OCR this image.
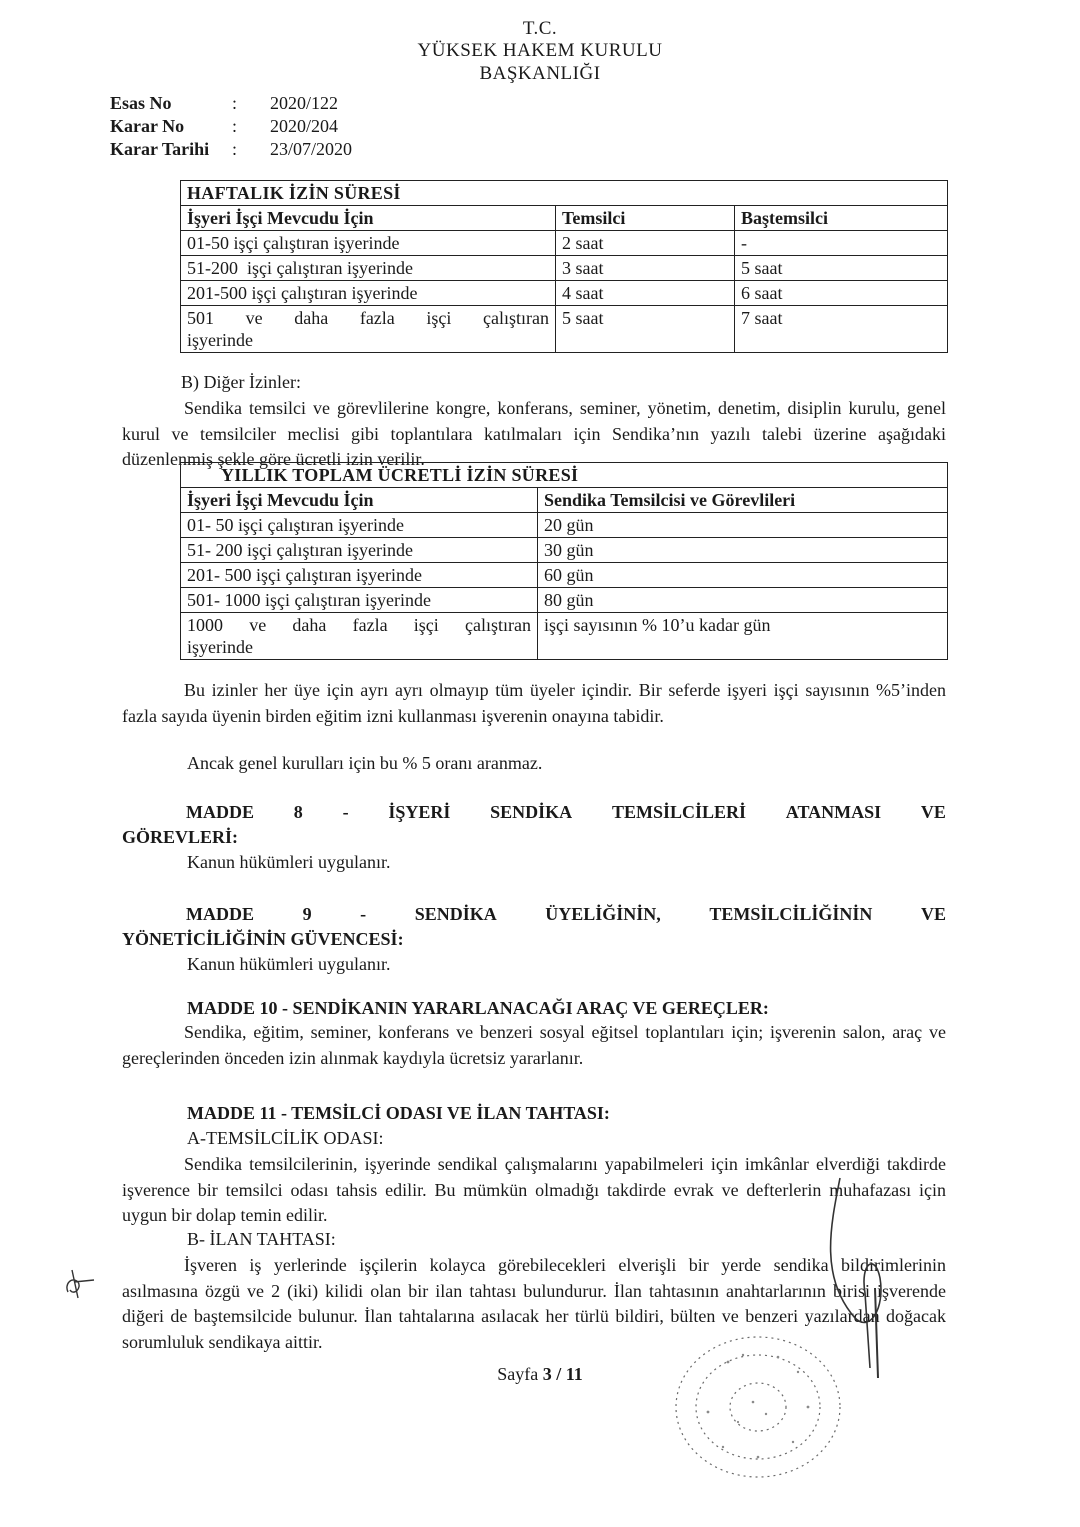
T.C.
YÜKSEK HAKEM KURULU
BAŞKANLIĞI
Esas No	: 2020/122
Karar No	: 2020/204
Karar Tarihi : 23/07/2020
HAFTALIK İZİN SÜRESİ		
İşyeri İşçi Mevcudu İçin	Temsilci	Baştemsilci
01-50 işçi çalıştıran işyerinde	2 saat	-
51-200  işçi çalıştıran işyerinde	3 saat	5 saat
201-500 işçi çalıştıran işyerinde	4 saat	6 saat

501 ve daha fazla işçi çalıştıran
işyerinde	5 saat	7 saat
B) Diğer İzinler:
Sendika temsilci ve görevlilerine kongre, konferans, seminer, yönetim, denetim, disiplin kurulu, genel kurul ve temsilciler meclisi gibi toplantılara katılmaları için Sendika’nın yazılı talebi üzerine aşağıdaki düzenlenmiş şekle göre ücretli izin verilir.
YILLIK TOPLAM ÜCRETLİ İZİN SÜRESİ	
İşyeri İşçi Mevcudu İçin	Sendika Temsilcisi ve Görevlileri
01- 50 işçi çalıştıran işyerinde	20 gün
51- 200 işçi çalıştıran işyerinde	30 gün
201- 500 işçi çalıştıran işyerinde	60 gün
501- 1000 işçi çalıştıran işyerinde	80 gün

1000 ve daha fazla işçi çalıştıran
işyerinde	işçi sayısının % 10’u kadar gün
Bu izinler her üye için ayrı ayrı olmayıp tüm üyeler içindir. Bir seferde işyeri işçi sayısının %5’inden fazla sayıda üyenin birden eğitim izni kullanması işverenin onayına tabidir.
Ancak genel kurulları için bu % 5 oranı aranmaz.
MADDE 8 - İŞYERİ SENDİKA TEMSİLCİLERİ ATANMASI VE
GÖREVLERİ:
Kanun hükümleri uygulanır.
MADDE	9	-	SENDİKA	ÜYELİĞİNİN,	TEMSİLCİLİĞİNİN	VE
YÖNETİCİLİĞİNİN GÜVENCESİ:
Kanun hükümleri uygulanır.
MADDE 10 - SENDİKANIN YARARLANACAĞI ARAÇ VE GEREÇLER:
Sendika, eğitim, seminer, konferans ve benzeri sosyal eğitsel toplantıları için; işverenin salon, araç ve gereçlerinden önceden izin alınmak kaydıyla ücretsiz yararlanır.
MADDE 11 - TEMSİLCİ ODASI VE İLAN TAHTASI:
A-TEMSİLCİLİK ODASI:
Sendika temsilcilerinin, işyerinde sendikal çalışmalarını yapabilmeleri için imkânlar elverdiği takdirde işverence bir temsilci odası tahsis edilir. Bu mümkün olmadığı takdirde evrak ve defterlerin muhafazası için uygun bir dolap temin edilir.
B- İLAN TAHTASI:
İşveren iş yerlerinde işçilerin kolayca görebilecekleri elverişli bir yerde sendika bildirimlerinin asılmasına özgü ve 2 (iki) kilidi olan bir ilan tahtası bulundurur. İlan tahtasının anahtarlarının birisi işverende diğeri de baştemsilcide bulunur. İlan tahtalarına asılacak her türlü bildiri, bülten ve benzeri yazılardan doğacak sorumluluk sendikaya aittir.
Sayfa 3 / 11
